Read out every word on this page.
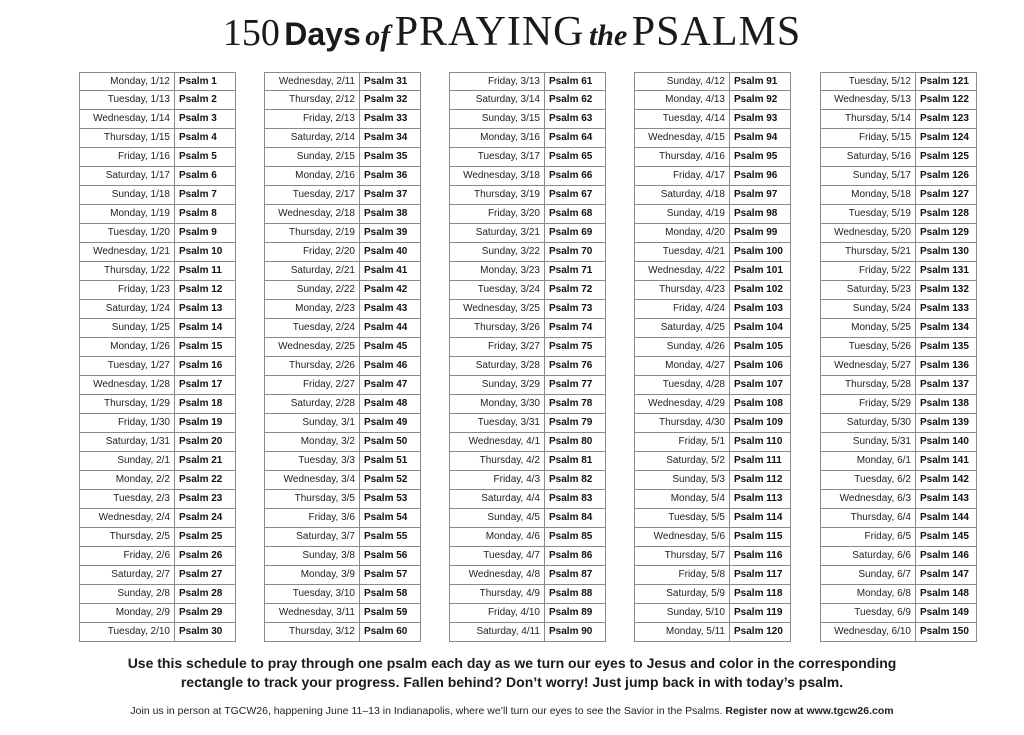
150 Days of PRAYING the PSALMS
Monday, 1/12 Psalm 1
Tuesday, 1/13 Psalm 2
Wednesday, 1/14 Psalm 3
Thursday, 1/15 Psalm 4
Friday, 1/16 Psalm 5
Saturday, 1/17 Psalm 6
Sunday, 1/18 Psalm 7
Monday, 1/19 Psalm 8
Tuesday, 1/20 Psalm 9
Wednesday, 1/21 Psalm 10
Thursday, 1/22 Psalm 11
Friday, 1/23 Psalm 12
Saturday, 1/24 Psalm 13
Sunday, 1/25 Psalm 14
Monday, 1/26 Psalm 15
Tuesday, 1/27 Psalm 16
Wednesday, 1/28 Psalm 17
Thursday, 1/29 Psalm 18
Friday, 1/30 Psalm 19
Saturday, 1/31 Psalm 20
Sunday, 2/1 Psalm 21
Monday, 2/2 Psalm 22
Tuesday, 2/3 Psalm 23
Wednesday, 2/4 Psalm 24
Thursday, 2/5 Psalm 25
Friday, 2/6 Psalm 26
Saturday, 2/7 Psalm 27
Sunday, 2/8 Psalm 28
Monday, 2/9 Psalm 29
Tuesday, 2/10 Psalm 30
Wednesday, 2/11 Psalm 31
Thursday, 2/12 Psalm 32
Friday, 2/13 Psalm 33
Saturday, 2/14 Psalm 34
Sunday, 2/15 Psalm 35
Monday, 2/16 Psalm 36
Tuesday, 2/17 Psalm 37
Wednesday, 2/18 Psalm 38
Thursday, 2/19 Psalm 39
Friday, 2/20 Psalm 40
Saturday, 2/21 Psalm 41
Sunday, 2/22 Psalm 42
Monday, 2/23 Psalm 43
Tuesday, 2/24 Psalm 44
Wednesday, 2/25 Psalm 45
Thursday, 2/26 Psalm 46
Friday, 2/27 Psalm 47
Saturday, 2/28 Psalm 48
Sunday, 3/1 Psalm 49
Monday, 3/2 Psalm 50
Tuesday, 3/3 Psalm 51
Wednesday, 3/4 Psalm 52
Thursday, 3/5 Psalm 53
Friday, 3/6 Psalm 54
Saturday, 3/7 Psalm 55
Sunday, 3/8 Psalm 56
Monday, 3/9 Psalm 57
Tuesday, 3/10 Psalm 58
Wednesday, 3/11 Psalm 59
Thursday, 3/12 Psalm 60
Friday, 3/13 Psalm 61
Saturday, 3/14 Psalm 62
Sunday, 3/15 Psalm 63
Monday, 3/16 Psalm 64
Tuesday, 3/17 Psalm 65
Wednesday, 3/18 Psalm 66
Thursday, 3/19 Psalm 67
Friday, 3/20 Psalm 68
Saturday, 3/21 Psalm 69
Sunday, 3/22 Psalm 70
Monday, 3/23 Psalm 71
Tuesday, 3/24 Psalm 72
Wednesday, 3/25 Psalm 73
Thursday, 3/26 Psalm 74
Friday, 3/27 Psalm 75
Saturday, 3/28 Psalm 76
Sunday, 3/29 Psalm 77
Monday, 3/30 Psalm 78
Tuesday, 3/31 Psalm 79
Wednesday, 4/1 Psalm 80
Thursday, 4/2 Psalm 81
Friday, 4/3 Psalm 82
Saturday, 4/4 Psalm 83
Sunday, 4/5 Psalm 84
Monday, 4/6 Psalm 85
Tuesday, 4/7 Psalm 86
Wednesday, 4/8 Psalm 87
Thursday, 4/9 Psalm 88
Friday, 4/10 Psalm 89
Saturday, 4/11 Psalm 90
Sunday, 4/12 Psalm 91
Monday, 4/13 Psalm 92
Tuesday, 4/14 Psalm 93
Wednesday, 4/15 Psalm 94
Thursday, 4/16 Psalm 95
Friday, 4/17 Psalm 96
Saturday, 4/18 Psalm 97
Sunday, 4/19 Psalm 98
Monday, 4/20 Psalm 99
Tuesday, 4/21 Psalm 100
Wednesday, 4/22 Psalm 101
Thursday, 4/23 Psalm 102
Friday, 4/24 Psalm 103
Saturday, 4/25 Psalm 104
Sunday, 4/26 Psalm 105
Monday, 4/27 Psalm 106
Tuesday, 4/28 Psalm 107
Wednesday, 4/29 Psalm 108
Thursday, 4/30 Psalm 109
Friday, 5/1 Psalm 110
Saturday, 5/2 Psalm 111
Sunday, 5/3 Psalm 112
Monday, 5/4 Psalm 113
Tuesday, 5/5 Psalm 114
Wednesday, 5/6 Psalm 115
Thursday, 5/7 Psalm 116
Friday, 5/8 Psalm 117
Saturday, 5/9 Psalm 118
Sunday, 5/10 Psalm 119
Monday, 5/11 Psalm 120
Tuesday, 5/12 Psalm 121
Wednesday, 5/13 Psalm 122
Thursday, 5/14 Psalm 123
Friday, 5/15 Psalm 124
Saturday, 5/16 Psalm 125
Sunday, 5/17 Psalm 126
Monday, 5/18 Psalm 127
Tuesday, 5/19 Psalm 128
Wednesday, 5/20 Psalm 129
Thursday, 5/21 Psalm 130
Friday, 5/22 Psalm 131
Saturday, 5/23 Psalm 132
Sunday, 5/24 Psalm 133
Monday, 5/25 Psalm 134
Tuesday, 5/26 Psalm 135
Wednesday, 5/27 Psalm 136
Thursday, 5/28 Psalm 137
Friday, 5/29 Psalm 138
Saturday, 5/30 Psalm 139
Sunday, 5/31 Psalm 140
Monday, 6/1 Psalm 141
Tuesday, 6/2 Psalm 142
Wednesday, 6/3 Psalm 143
Thursday, 6/4 Psalm 144
Friday, 6/5 Psalm 145
Saturday, 6/6 Psalm 146
Sunday, 6/7 Psalm 147
Monday, 6/8 Psalm 148
Tuesday, 6/9 Psalm 149
Wednesday, 6/10 Psalm 150
Use this schedule to pray through one psalm each day as we turn our eyes to Jesus and color in the corresponding
rectangle to track your progress. Fallen behind? Don’t worry! Just jump back in with today’s psalm.
Join us in person at TGCW26, happening June 11–13 in Indianapolis, where we’ll turn our eyes to see the Savior in the Psalms. Register now at www.tgcw26.com
